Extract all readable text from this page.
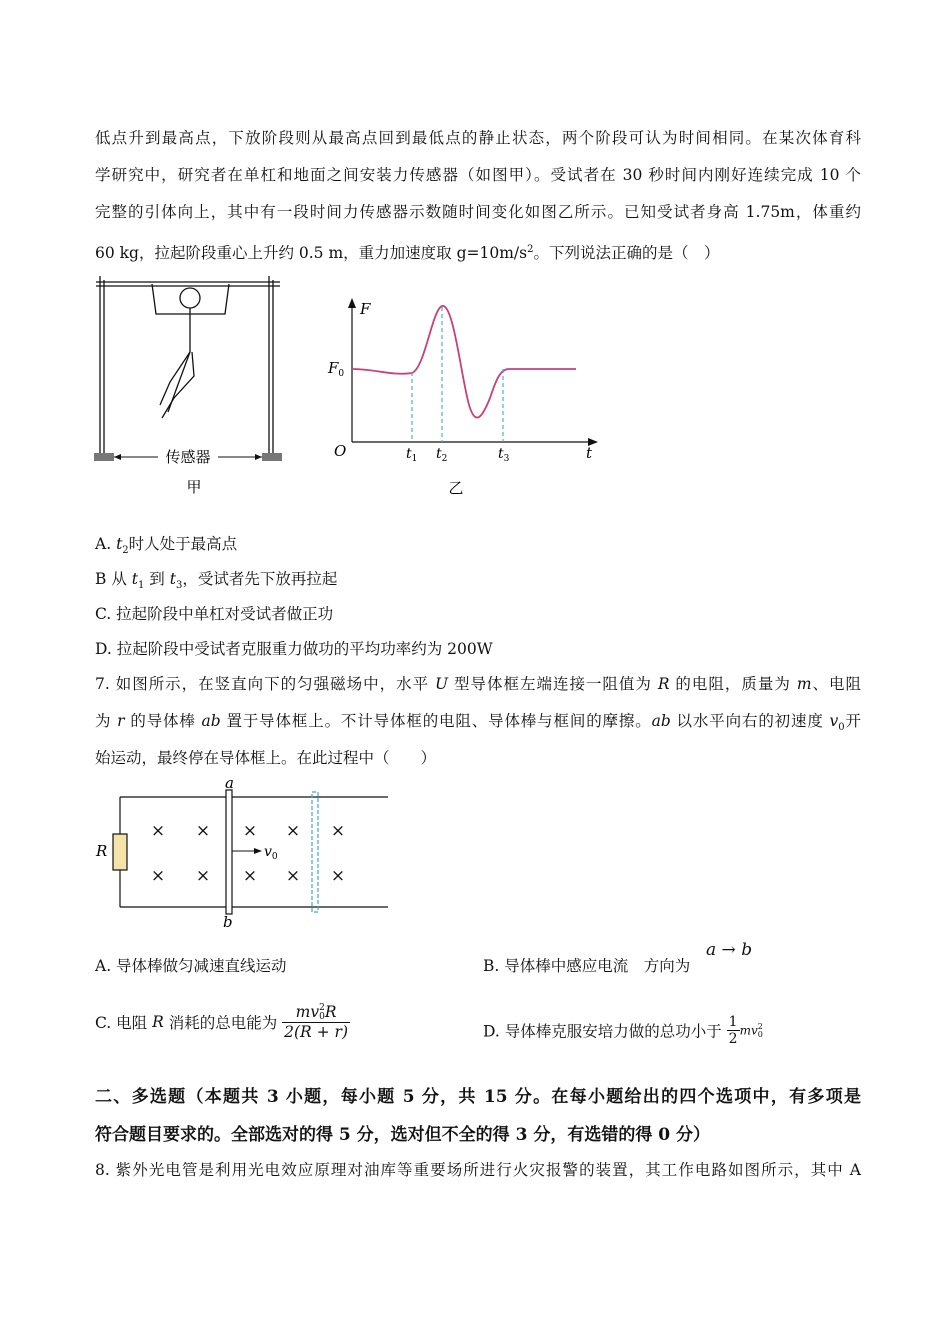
低点升到最高点，下放阶段则从最高点回到最低点的静止状态，两个阶段可认为时间相同。在某次体育科
学研究中，研究者在单杠和地面之间安装力传感器（如图甲）。受试者在 30 秒时间内刚好连续完成 10 个
完整的引体向上，其中有一段时间力传感器示数随时间变化如图乙所示。已知受试者身高 1.75m，体重约
60 kg，拉起阶段重心上升约 0.5 m，重力加速度取 $g=10m/s^2$。下列说法正确的是（　）
传感器
甲
F
t
O
$F_0$
$t_1$ $t_2$	$t_3$
乙
A. $t_2$时人处于最高点
B 从 $t_1$ 到 $t_3$，受试者先下放再拉起
C. 拉起阶段中单杠对受试者做正功
D. 拉起阶段中受试者克服重力做功的平均功率约为 200W
7. 如图所示，在竖直向下的匀强磁场中，水平 U 型导体框左端连接一阻值为 R 的电阻，质量为 m、电阻
为 r 的导体棒 ab 置于导体框上。不计导体框的电阻、导体棒与框间的摩擦。ab 以水平向右的初速度 $v_0$开
始运动，最终停在导体框上。在此过程中（　　）
R
a
b
$v_0$
× × × × ×
× × × × ×
A. 导体棒做匀减速直线运动	B. 导体棒中感应电流　方向为
a → b
C. 电阻 R 消耗的总电能为 mv 2
0 R
2(R + r)	D. 导体棒克服安培力做的总功小于 $\frac{1}{2}$ mv 2
0
二、多选题（本题共 3 小题，每小题 5 分，共 15 分。在每小题给出的四个选项中，有多项是
符合题目要求的。全部选对的得 5 分，选对但不全的得 3 分，有选错的得 0 分）
8. 紫外光电管是利用光电效应原理对油库等重要场所进行火灾报警的装置，其工作电路如图所示，其中 A
